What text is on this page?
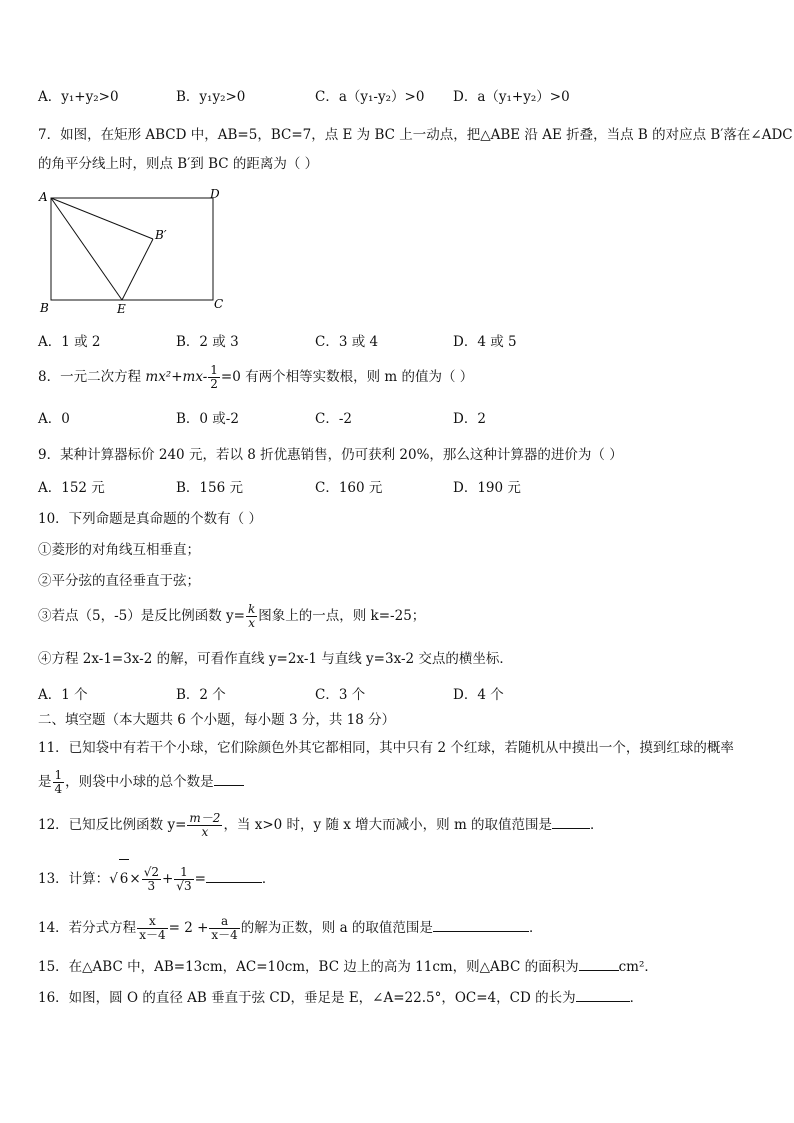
A．y₁+y₂>0	B．y₁y₂>0	C．a（y₁-y₂）>0 D．a（y₁+y₂）>0
7．如图，在矩形 ABCD 中，AB=5，BC=7，点 E 为 BC 上一动点，把△ABE 沿 AE 折叠，当点 B 的对应点 B′落在∠ADC
的角平分线上时，则点 B′到 BC 的距离为（ ）
A	D
B	C
E
B′
A．1 或 2	B．2 或 3	C．3 或 4	D．4 或 5
8．一元二次方程 $mx^2+mx- \frac{1}{2} =0$ 有两个相等实数根，则 m 的值为（ ）
A．0	B．0 或-2	C．-2	D．2
9．某种计算器标价 240 元，若以 8 折优惠销售，仍可获利 20%，那么这种计算器的进价为（ ）
A．152 元	B．156 元	C．160 元	D．190 元
10．下列命题是真命题的个数有（ ）
①菱形的对角线互相垂直；
②平分弦的直径垂直于弦；
③若点（5，-5）是反比例函数 $y= \frac{k}{x}$ 图象上的一点，则 k=-25；
④方程 2x-1=3x-2 的解，可看作直线 y=2x-1 与直线 y=3x-2 交点的横坐标．
A．1 个	B．2 个	C．3 个	D．4 个
二、填空题（本大题共 6 个小题，每小题 3 分，共 18 分）
11．已知袋中有若干个小球，它们除颜色外其它都相同，其中只有 2 个红球，若随机从中摸出一个，摸到红球的概率
是 $\frac{1}{4}$ ，则袋中小球的总个数是
12．已知反比例函数 $y= \frac{m-2}{x}$ ，当 x>0 时，y 随 x 增大而减小，则 m 的取值范围是	．
13．计算：√ $6\times \frac{√2}{3} + \frac{1}{√3}$ =	．
14．若分式方程 $\frac{x}{x-4} = 2 + \frac{a}{x-4}$ 的解为正数，则 a 的取值范围是	．
15．在△ABC 中，AB=13cm，AC=10cm，BC 边上的高为 11cm，则△ABC 的面积为	cm²．
16．如图，圆 O 的直径 AB 垂直于弦 CD，垂足是 E，∠A=22.5°，OC=4，CD 的长为	．
